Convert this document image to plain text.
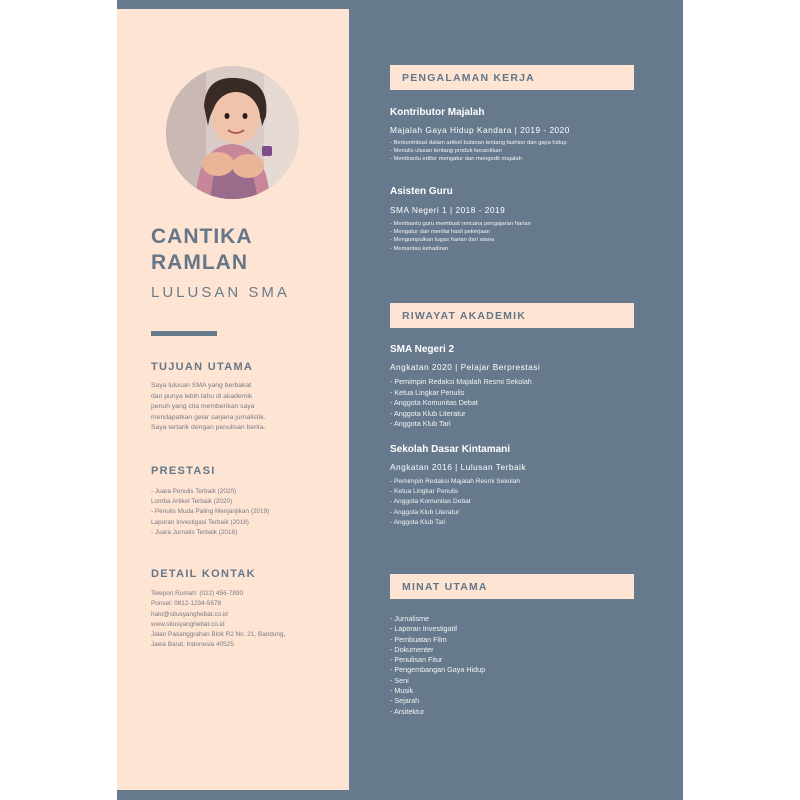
CANTIKA
RAMLAN
LULUSAN SMA
TUJUAN UTAMA
Saya lulusan SMA yang berbakat
dan punya lebih tahu di akademik
penuh yang cita memberikan saya
mendapatkan gelar sarjana jurnalistik.
Saya tertarik dengan penulisan berita.
PRESTASI
- Juara Penulis Terbaik (2020)
Lomba Artikel Terbaik (2020)
- Penulis Muda Paling Menjanjikan (2019)
Laporan Investigasi Terbaik (2018)
- Juara Jurnalis Terbaik (2016)
DETAIL KONTAK
Telepon Rumah: (022) 456-7890
Ponsel: 0812-1234-5678
halo@situsyanghebat.co.id
www.situsyanghebat.co.id
Jalan Pasanggrahan Blok R2 No. 21, Bandung,
Jawa Barat, Indonesia 40525
PENGALAMAN KERJA
Kontributor Majalah
Majalah Gaya Hidup Kandara | 2019 - 2020
- Berkontribusi dalam artikel bulanan tentang fashion dan gaya hidup
- Menulis ulasan tentang produk kecantikan
- Membantu editor mengatur dan mengedit majalah
Asisten Guru
SMA Negeri 1 | 2018 - 2019
- Membantu guru membuat rencana pengajaran harian
- Mengatur dan menilai hasil pekerjaan
- Mengumpulkan tugas harian dari siswa
- Memantau kehadiran
RIWAYAT AKADEMIK
SMA Negeri 2
Angkatan 2020 | Pelajar Berprestasi
- Pemimpin Redaksi Majalah Resmi Sekolah
- Ketua Lingkar Penulis
- Anggota Komunitas Debat
- Anggota Klub Literatur
- Anggota Klub Tari
Sekolah Dasar Kintamani
Angkatan 2016 | Lulusan Terbaik
- Pemimpin Redaksi Majalah Resmi Sekolah
- Ketua Lingkar Penulis
- Anggota Komunitas Debat
- Anggota Klub Literatur
- Anggota Klub Tari
MINAT UTAMA
- Jurnalisme
- Laporan Investigatif
- Pembuatan Film
- Dokumenter
- Penulisan Fitur
- Pengembangan Gaya Hidup
- Seni
- Musik
- Sejarah
- Arsitektur
